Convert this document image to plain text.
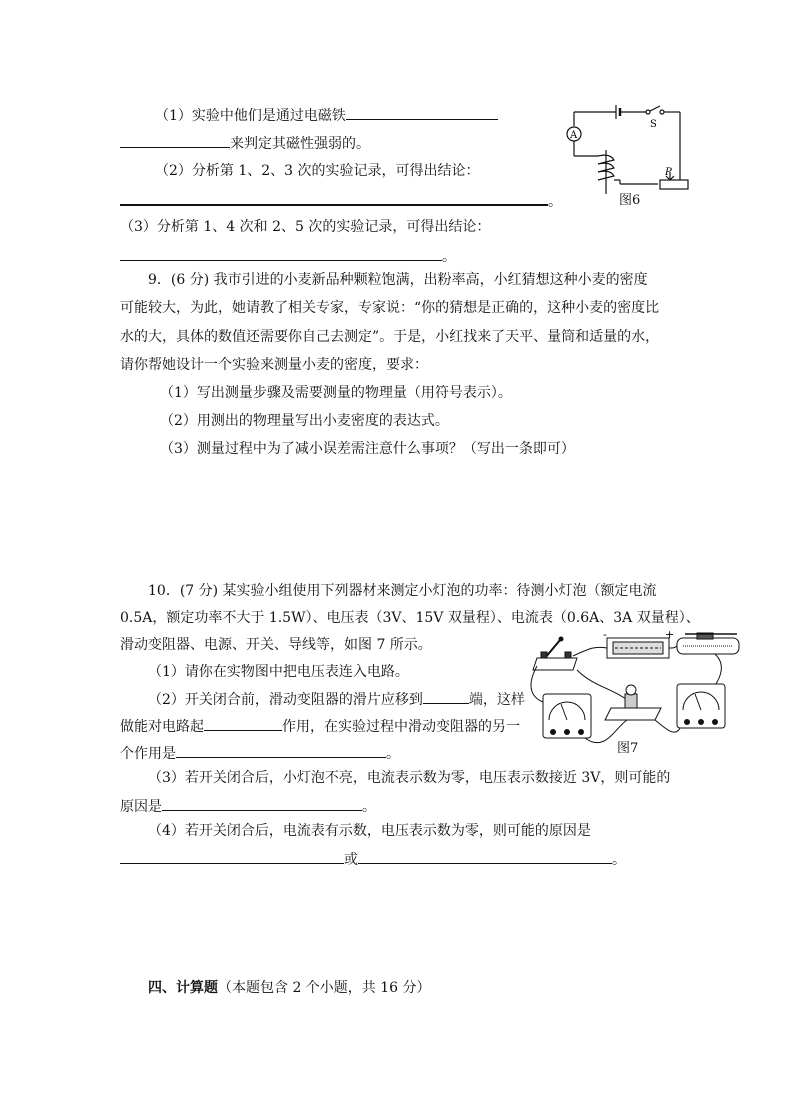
（1）实验中他们是通过电磁铁
来判定其磁性强弱的。
（2）分析第 1、2、3 次的实验记录，可得出结论：
。
（3）分析第 1、4 次和 2、5 次的实验记录，可得出结论：
。
S
A
P
图6
9．(6 分) 我市引进的小麦新品种颗粒饱满，出粉率高，小红猜想这种小麦的密度
可能较大，为此，她请教了相关专家，专家说：“你的猜想是正确的，这种小麦的密度比
水的大，具体的数值还需要你自己去测定”。于是，小红找来了天平、量筒和适量的水，
请你帮她设计一个实验来测量小麦的密度，要求：
（1）写出测量步骤及需要测量的物理量（用符号表示）。
（2）用测出的物理量写出小麦密度的表达式。
（3）测量过程中为了减小误差需注意什么事项？（写出一条即可）
10．(7 分) 某实验小组使用下列器材来测定小灯泡的功率：待测小灯泡（额定电流
0.5A，额定功率不大于 1.5W）、电压表（3V、15V 双量程）、电流表（0.6A、3A 双量程）、
滑动变阻器、电源、开关、导线等，如图 7 所示。
（1）请你在实物图中把电压表连入电路。
（2）开关闭合前，滑动变阻器的滑片应移到	端，这样
做能对电路起	作用，在实验过程中滑动变阻器的另一
个作用是	。
（3）若开关闭合后，小灯泡不亮，电流表示数为零，电压表示数接近 3V，则可能的
原因是	。
（4）若开关闭合后，电流表有示数，电压表示数为零，则可能的原因是
或	。
-	+
图7
四、计算题（本题包含 2 个小题，共 16 分）
